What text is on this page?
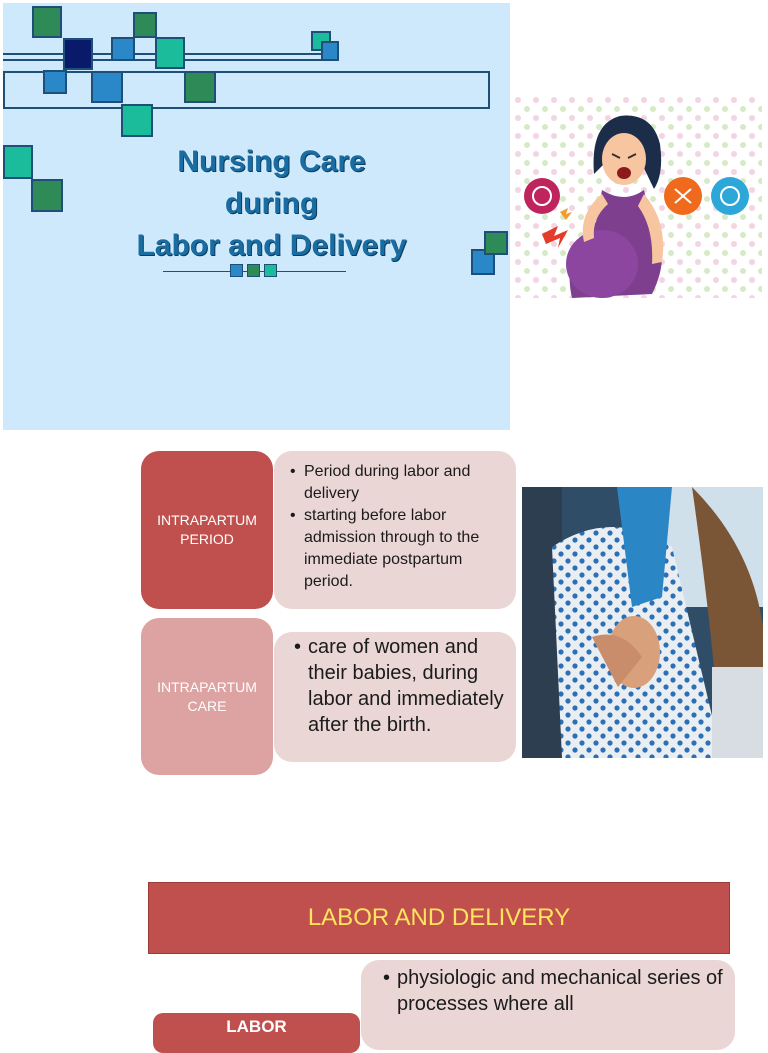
Nursing Care
during
Labor and Delivery
INTRAPARTUM PERIOD
• Period during labor and delivery
• starting before labor admission through to the immediate postpartum period.
INTRAPARTUM CARE
• care of women and their babies, during labor and immediately after the birth.
LABOR AND DELIVERY
LABOR
• physiologic and mechanical series of processes where all
